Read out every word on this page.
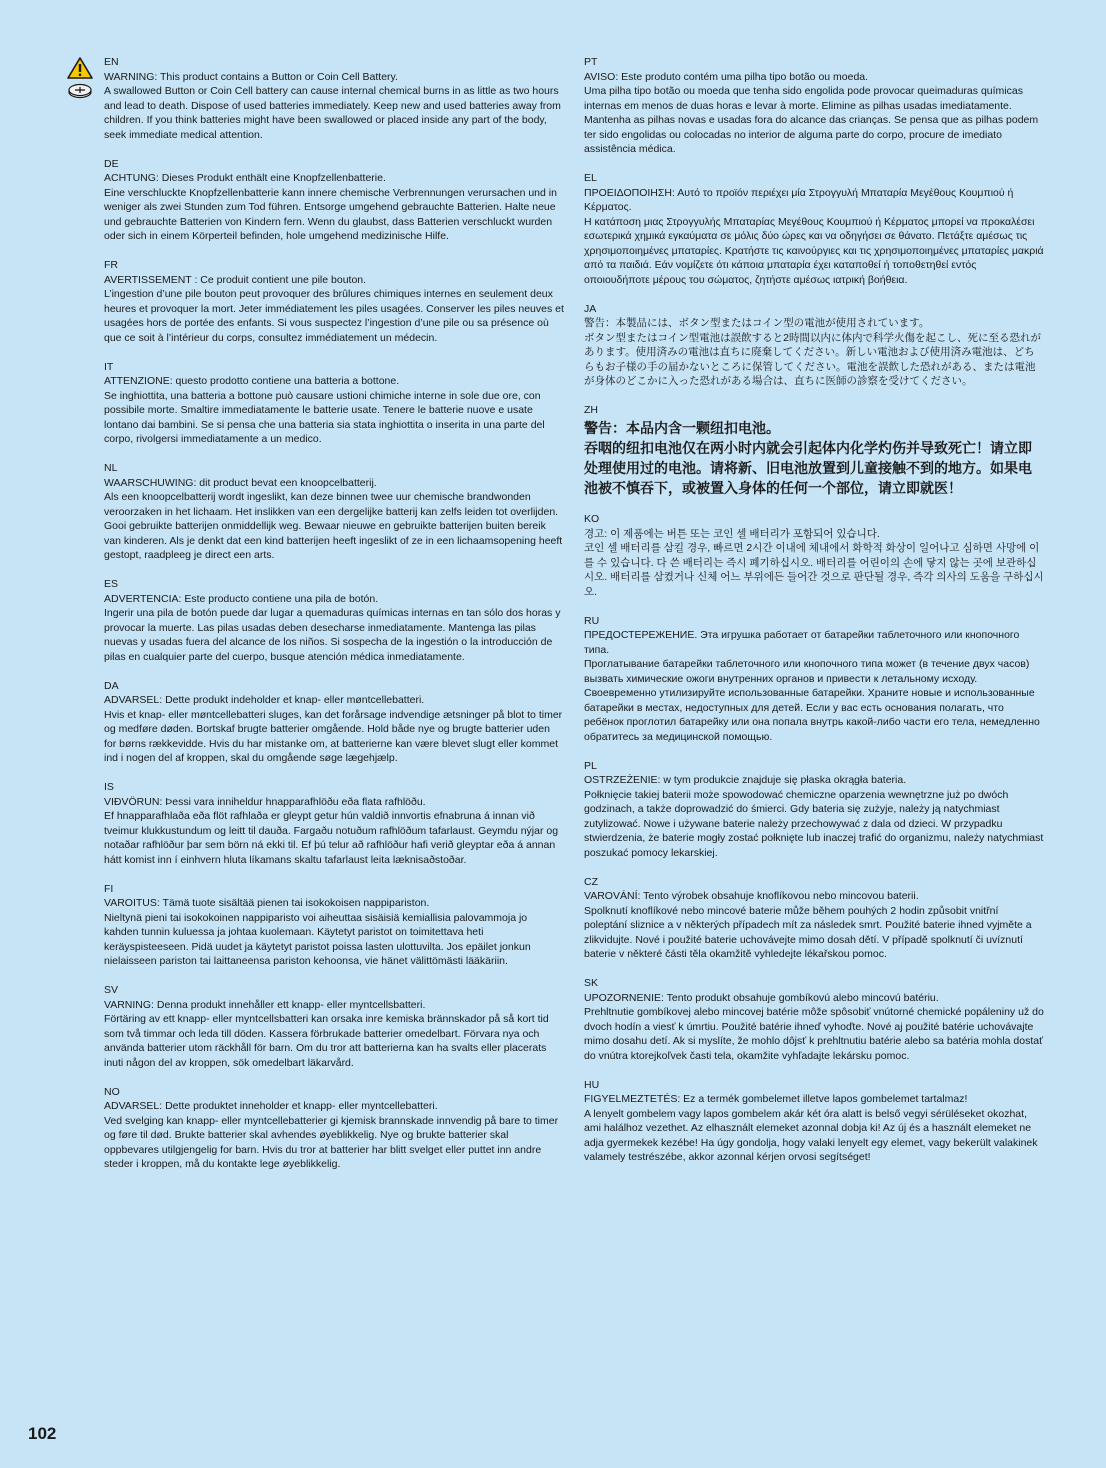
EN
WARNING: This product contains a Button or Coin Cell Battery.
A swallowed Button or Coin Cell battery can cause internal chemical burns in as little as two hours and lead to death. Dispose of used batteries immediately. Keep new and used batteries away from children. If you think batteries might have been swallowed or placed inside any part of the body, seek immediate medical attention.
DE
ACHTUNG: Dieses Produkt enthält eine Knopfzellenbatterie.
Eine verschluckte Knopfzellenbatterie kann innere chemische Verbrennungen verursachen und in weniger als zwei Stunden zum Tod führen. Entsorge umgehend gebrauchte Batterien. Halte neue und gebrauchte Batterien von Kindern fern. Wenn du glaubst, dass Batterien verschluckt wurden oder sich in einem Körperteil befinden, hole umgehend medizinische Hilfe.
FR
AVERTISSEMENT : Ce produit contient une pile bouton.
L’ingestion d’une pile bouton peut provoquer des brûlures chimiques internes en seulement deux heures et provoquer la mort. Jeter immédiatement les piles usagées. Conserver les piles neuves et usagées hors de portée des enfants. Si vous suspectez l’ingestion d’une pile ou sa présence où que ce soit à l’intérieur du corps, consultez immédiatement un médecin.
IT
ATTENZIONE: questo prodotto contiene una batteria a bottone.
Se inghiottita, una batteria a bottone può causare ustioni chimiche interne in sole due ore, con possibile morte. Smaltire immediatamente le batterie usate. Tenere le batterie nuove e usate lontano dai bambini. Se si pensa che una batteria sia stata inghiottita o inserita in una parte del corpo, rivolgersi immediatamente a un medico.
NL
WAARSCHUWING: dit product bevat een knoopcelbatterij.
Als een knoopcelbatterij wordt ingeslikt, kan deze binnen twee uur chemische brandwonden veroorzaken in het lichaam. Het inslikken van een dergelijke batterij kan zelfs leiden tot overlijden. Gooi gebruikte batterijen onmiddellijk weg. Bewaar nieuwe en gebruikte batterijen buiten bereik van kinderen. Als je denkt dat een kind batterijen heeft ingeslikt of ze in een lichaamsopening heeft gestopt, raadpleeg je direct een arts.
ES
ADVERTENCIA: Este producto contiene una pila de botón.
Ingerir una pila de botón puede dar lugar a quemaduras químicas internas en tan sólo dos horas y provocar la muerte. Las pilas usadas deben desecharse inmediatamente. Mantenga las pilas nuevas y usadas fuera del alcance de los niños. Si sospecha de la ingestión o la introducción de pilas en cualquier parte del cuerpo, busque atención médica inmediatamente.
DA
ADVARSEL: Dette produkt indeholder et knap- eller møntcellebatteri.
Hvis et knap- eller møntcellebatteri sluges, kan det forårsage indvendige ætsninger på blot to timer og medføre døden. Bortskaf brugte batterier omgående. Hold både nye og brugte batterier uden for børns rækkevidde. Hvis du har mistanke om, at batterierne kan være blevet slugt eller kommet ind i nogen del af kroppen, skal du omgående søge lægehjælp.
IS
VIÐVÖRUN: Þessi vara inniheldur hnapparafhlöðu eða flata rafhlöðu.
Ef hnapparafhlaða eða flöt rafhlaða er gleypt getur hún valdið innvortis efnabruna á innan við tveimur klukkustundum og leitt til dauða. Fargaðu notuðum rafhlöðum tafarlaust. Geymdu nýjar og notaðar rafhlöður þar sem börn ná ekki til. Ef þú telur að rafhlöður hafi verið gleyptar eða á annan hátt komist inn í einhvern hluta líkamans skaltu tafarlaust leita læknisaðstoðar.
FI
VAROITUS: Tämä tuote sisältää pienen tai isokokoisen nappipariston.
Nieltynä pieni tai isokokoinen nappiparisto voi aiheuttaa sisäisiä kemiallisia palovammoja jo kahden tunnin kuluessa ja johtaa kuolemaan. Käytetyt paristot on toimitettava heti keräyspisteeseen. Pidä uudet ja käytetyt paristot poissa lasten ulottuvilta. Jos epäilet jonkun nielaisseen pariston tai laittaneensa pariston kehoonsa, vie hänet välittömästi lääkäriin.
SV
VARNING: Denna produkt innehåller ett knapp- eller myntcellsbatteri.
Förtäring av ett knapp- eller myntcellsbatteri kan orsaka inre kemiska brännskador på så kort tid som två timmar och leda till döden. Kassera förbrukade batterier omedelbart. Förvara nya och använda batterier utom räckhåll för barn. Om du tror att batterierna kan ha svalts eller placerats inuti någon del av kroppen, sök omedelbart läkarvård.
NO
ADVARSEL: Dette produktet inneholder et knapp- eller myntcellebatteri.
Ved svelging kan knapp- eller myntcellebatterier gi kjemisk brannskade innvendig på bare to timer og føre til død. Brukte batterier skal avhendes øyeblikkelig. Nye og brukte batterier skal oppbevares utilgjengelig for barn. Hvis du tror at batterier har blitt svelget eller puttet inn andre steder i kroppen, må du kontakte lege øyeblikkelig.
PT
AVISO: Este produto contém uma pilha tipo botão ou moeda.
Uma pilha tipo botão ou moeda que tenha sido engolida pode provocar queimaduras químicas internas em menos de duas horas e levar à morte. Elimine as pilhas usadas imediatamente. Mantenha as pilhas novas e usadas fora do alcance das crianças. Se pensa que as pilhas podem ter sido engolidas ou colocadas no interior de alguma parte do corpo, procure de imediato assistência médica.
EL
ΠΡΟΕΙΔΟΠΟΙΗΣΗ: Αυτό το προϊόν περιέχει μία Στρογγυλή Μπαταρία Μεγέθους Κουμπιού ή Κέρματος.
Η κατάποση μιας Στρογγυλής Μπαταρίας Μεγέθους Κουμπιού ή Κέρματος μπορεί να προκαλέσει εσωτερικά χημικά εγκαύματα σε μόλις δύο ώρες και να οδηγήσει σε θάνατο. Πετάξτε αμέσως τις χρησιμοποιημένες μπαταρίες. Κρατήστε τις καινούργιες και τις χρησιμοποιημένες μπαταρίες μακριά από τα παιδιά. Εάν νομίζετε ότι κάποια μπαταρία έχει καταποθεί ή τοποθετηθεί εντός οποιουδήποτε μέρους του σώματος, ζητήστε αμέσως ιατρική βοήθεια.
JA
警告：本製品には、ボタン型またはコイン型の電池が使用されています。
ボタン型またはコイン型電池は誤飲すると2時間以内に体内で科学火傷を起こし、死に至る恐れがあります。使用済みの電池は直ちに廃棄してください。新しい電池および使用済み電池は、どちらもお子様の手の届かないところに保管してください。電池を誤飲した恐れがある、または電池が身体のどこかに入った恐れがある場合は、直ちに医師の診察を受けてください。
ZH
警告：本品内含一颗纽扣电池。
吞咽的纽扣电池仅在两小时内就会引起体内化学灼伤并导致死亡！请立即处理使用过的电池。请将新、旧电池放置到儿童接触不到的地方。如果电池被不慎吞下，或被置入身体的任何一个部位，请立即就医！
KO
경고: 이 제품에는 버튼 또는 코인 셀 배터리가 포함되어 있습니다.
코인 셀 배터리를 삼킬 경우, 빠르면 2시간 이내에 체내에서 화학적 화상이 일어나고 심하면 사망에 이를 수 있습니다. 다 쓴 배터리는 즉시 폐기하십시오. 배터리를 어린이의 손에 닿지 않는 곳에 보관하십시오. 배터리를 삼켰거나 신체 어느 부위에든 들어간 것으로 판단될 경우, 즉각 의사의 도움을 구하십시오.
RU
ПРЕДОСТЕРЕЖЕНИЕ. Эта игрушка работает от батарейки таблеточного или кнопочного типа.
Проглатывание батарейки таблеточного или кнопочного типа может (в течение двух часов) вызвать химические ожоги внутренних органов и привести к летальному исходу. Своевременно утилизируйте использованные батарейки. Храните новые и использованные батарейки в местах, недоступных для детей. Если у вас есть основания полагать, что ребёнок проглотил батарейку или она попала внутрь какой-либо части его тела, немедленно обратитесь за медицинской помощью.
PL
OSTRZEŻENIE: w tym produkcie znajduje się płaska okrągła bateria.
Połknięcie takiej baterii może spowodować chemiczne oparzenia wewnętrzne już po dwóch godzinach, a także doprowadzić do śmierci. Gdy bateria się zużyje, należy ją natychmiast zutylizować. Nowe i używane baterie należy przechowywać z dala od dzieci. W przypadku stwierdzenia, że baterie mogły zostać połknięte lub inaczej trafić do organizmu, należy natychmiast poszukać pomocy lekarskiej.
CZ
VAROVÁNÍ: Tento výrobek obsahuje knoflíkovou nebo mincovou baterii.
Spolknutí knoflíkové nebo mincové baterie může během pouhých 2 hodin způsobit vnitřní poleptání sliznice a v některých případech mít za následek smrt. Použité baterie ihned vyjměte a zlikvidujte. Nové i použité baterie uchovávejte mimo dosah dětí. V případě spolknutí či uvíznutí baterie v některé části těla okamžitě vyhledejte lékařskou pomoc.
SK
UPOZORNENIE: Tento produkt obsahuje gombíkovú alebo mincovú batériu.
Prehltnutie gombíkovej alebo mincovej batérie môže spôsobiť vnútorné chemické popáleniny už do dvoch hodín a viesť k úmrtiu. Použité batérie ihneď vyhoďte. Nové aj použité batérie uchovávajte mimo dosahu detí. Ak si myslíte, že mohlo dôjsť k prehltnutiu batérie alebo sa batéria mohla dostať do vnútra ktorejkoľvek časti tela, okamžite vyhľadajte lekársku pomoc.
HU
FIGYELMEZTETÉS: Ez a termék gombelemet illetve lapos gombelemet tartalmaz!
A lenyelt gombelem vagy lapos gombelem akár két óra alatt is belső vegyi sérüléseket okozhat, ami halálhoz vezethet. Az elhasznált elemeket azonnal dobja ki! Az új és a használt elemeket ne adja gyermekek kezébe! Ha úgy gondolja, hogy valaki lenyelt egy elemet, vagy bekerült valakinek valamely testrészébe, akkor azonnal kérjen orvosi segítséget!
102
